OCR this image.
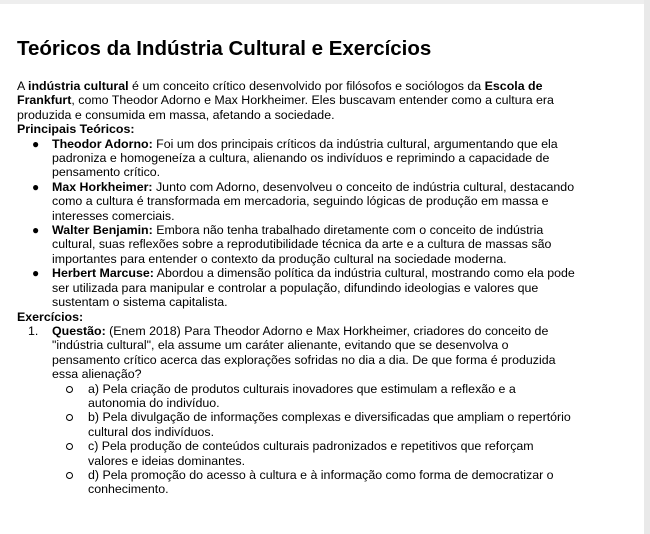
Teóricos da Indústria Cultural e Exercícios

A indústria cultural é um conceito crítico desenvolvido por filósofos e sociólogos da Escola de Frankfurt, como Theodor Adorno e Max Horkheimer. Eles buscavam entender como a cultura era produzida e consumida em massa, afetando a sociedade.

Principais Teóricos:
● Theodor Adorno: Foi um dos principais críticos da indústria cultural, argumentando que ela padroniza e homogeneíza a cultura, alienando os indivíduos e reprimindo a capacidade de pensamento crítico.
● Max Horkheimer: Junto com Adorno, desenvolveu o conceito de indústria cultural, destacando como a cultura é transformada em mercadoria, seguindo lógicas de produção em massa e interesses comerciais.
● Walter Benjamin: Embora não tenha trabalhado diretamente com o conceito de indústria cultural, suas reflexões sobre a reprodutibilidade técnica da arte e a cultura de massas são importantes para entender o contexto da produção cultural na sociedade moderna.
● Herbert Marcuse: Abordou a dimensão política da indústria cultural, mostrando como ela pode ser utilizada para manipular e controlar a população, difundindo ideologias e valores que sustentam o sistema capitalista.
Exercícios:
1. Questão: (Enem 2018) Para Theodor Adorno e Max Horkheimer, criadores do conceito de "indústria cultural", ela assume um caráter alienante, evitando que se desenvolva o pensamento crítico acerca das explorações sofridas no dia a dia. De que forma é produzida essa alienação?
a) Pela criação de produtos culturais inovadores que estimulam a reflexão e a autonomia do indivíduo.
b) Pela divulgação de informações complexas e diversificadas que ampliam o repertório cultural dos indivíduos.
c) Pela produção de conteúdos culturais padronizados e repetitivos que reforçam valores e ideias dominantes.
d) Pela promoção do acesso à cultura e à informação como forma de democratizar o conhecimento.
